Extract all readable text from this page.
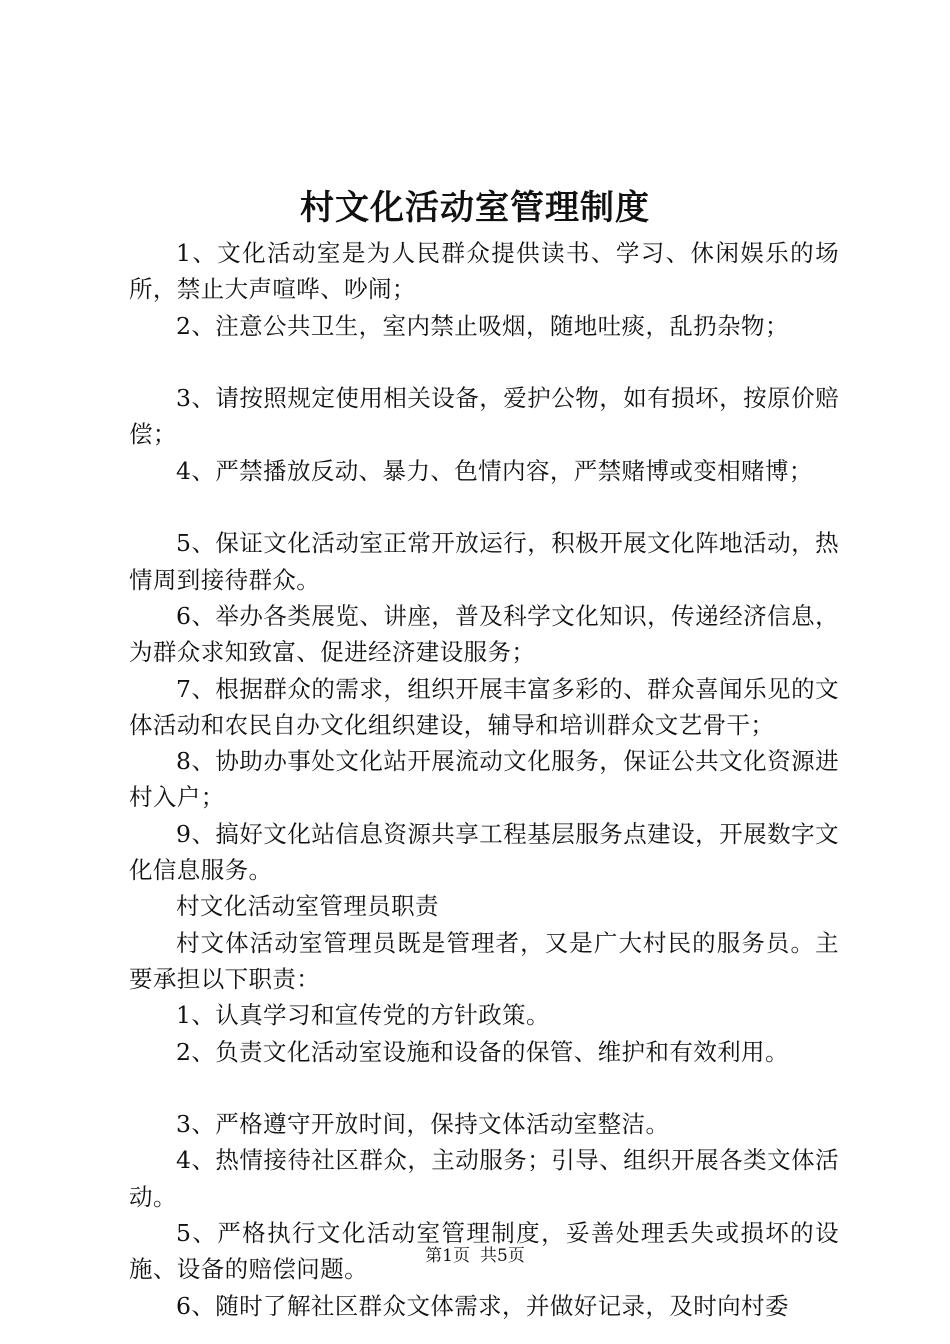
村文化活动室管理制度

1、文化活动室是为人民群众提供读书、学习、休闲娱乐的场所，禁止大声喧哗、吵闹；

2、注意公共卫生，室内禁止吸烟，随地吐痰，乱扔杂物；

3、请按照规定使用相关设备，爱护公物，如有损坏，按原价赔偿；

4、严禁播放反动、暴力、色情内容，严禁赌博或变相赌博；

5、保证文化活动室正常开放运行，积极开展文化阵地活动，热情周到接待群众。

6、举办各类展览、讲座，普及科学文化知识，传递经济信息，为群众求知致富、促进经济建设服务；

7、根据群众的需求，组织开展丰富多彩的、群众喜闻乐见的文体活动和农民自办文化组织建设，辅导和培训群众文艺骨干；

8、协助办事处文化站开展流动文化服务，保证公共文化资源进村入户；

9、搞好文化站信息资源共享工程基层服务点建设，开展数字文化信息服务。

村文化活动室管理员职责

村文体活动室管理员既是管理者，又是广大村民的服务员。主要承担以下职责：

1、认真学习和宣传党的方针政策。

2、负责文化活动室设施和设备的保管、维护和有效利用。

3、严格遵守开放时间，保持文体活动室整洁。

4、热情接待社区群众，主动服务；引导、组织开展各类文体活动。

5、严格执行文化活动室管理制度，妥善处理丢失或损坏的设施、设备的赔偿问题。

6、随时了解社区群众文体需求，并做好记录，及时向村委

第1页 共5页
